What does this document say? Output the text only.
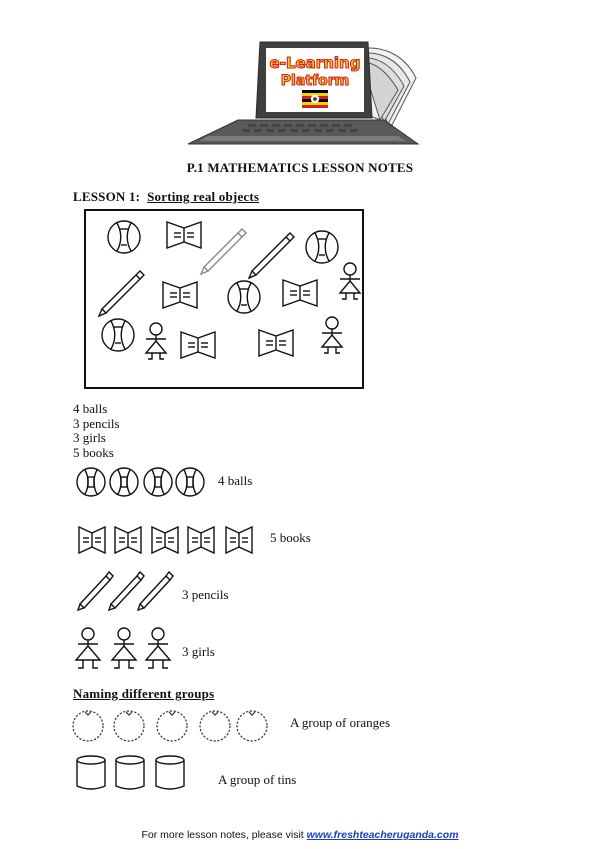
e-Learning
Platform
P.1 MATHEMATICS LESSON NOTES
LESSON 1: Sorting real objects
4 balls
3 pencils
3 girls
5 books
4 balls
5 books
3 pencils
3 girls
Naming different groups
A group of oranges
A group of tins
For more lesson notes, please visit www.freshteacheruganda.com
